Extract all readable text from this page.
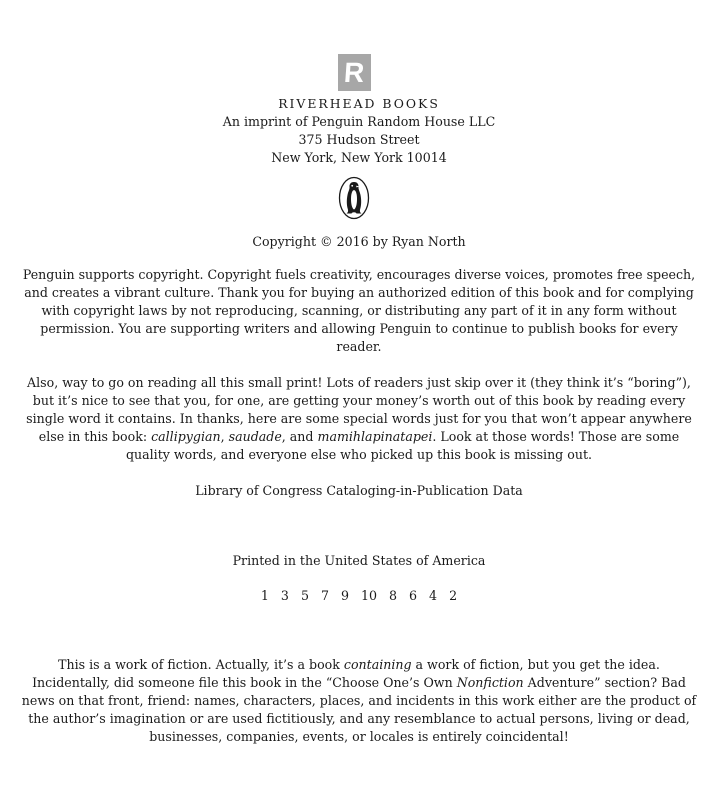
R
RIVERHEAD BOOKS
An imprint of Penguin Random House LLC
375 Hudson Street
New York, New York 10014
Copyright © 2016 by Ryan North
Penguin supports copyright. Copyright fuels creativity, encourages diverse voices, promotes free speech,
and creates a vibrant culture. Thank you for buying an authorized edition of this book and for complying
with copyright laws by not reproducing, scanning, or distributing any part of it in any form without
permission. You are supporting writers and allowing Penguin to continue to publish books for every
reader.
Also, way to go on reading all this small print! Lots of readers just skip over it (they think it’s “boring”),
but it’s nice to see that you, for one, are getting your money’s worth out of this book by reading every
single word it contains. In thanks, here are some special words just for you that won’t appear anywhere
else in this book: callipygian, saudade, and mamihlapinatapei. Look at those words! Those are some
quality words, and everyone else who picked up this book is missing out.
Library of Congress Cataloging-in-Publication Data
Printed in the United States of America
1 3 5 7 9 10 8 6 4 2
This is a work of fiction. Actually, it’s a book containing a work of fiction, but you get the idea.
Incidentally, did someone file this book in the “Choose One’s Own Nonfiction Adventure” section? Bad
news on that front, friend: names, characters, places, and incidents in this work either are the product of
the author’s imagination or are used fictitiously, and any resemblance to actual persons, living or dead,
businesses, companies, events, or locales is entirely coincidental!
